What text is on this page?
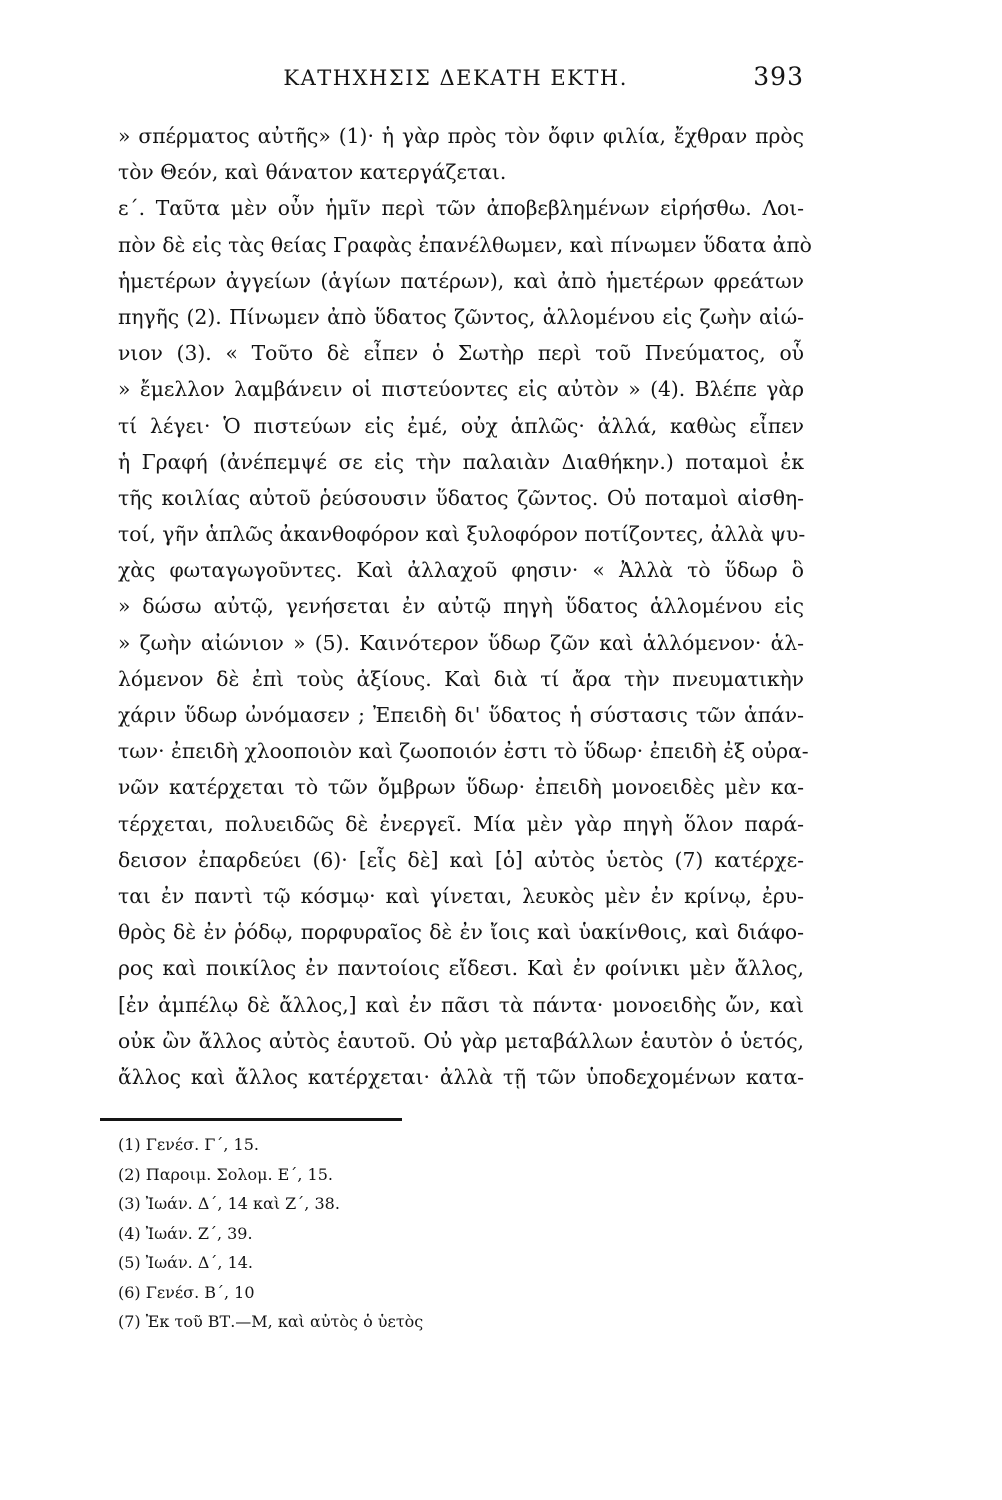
ΚΑΤΗΧΗΣΙΣ ΔΕΚΑΤΗ ΕΚΤΗ.	393
» σπέρματος αὐτῆς» (1)· ἡ γὰρ πρὸς τὸν ὄφιν φιλία, ἔχθραν πρὸς
τὸν Θεόν, καὶ θάνατον κατεργάζεται.
ε΄. Ταῦτα μὲν οὖν ἡμῖν περὶ τῶν ἀποβεβλημένων εἰρήσθω. Λοι-
πὸν δὲ εἰς τὰς θείας Γραφὰς ἐπανέλθωμεν, καὶ πίνωμεν ὕδατα ἀπὸ
ἡμετέρων ἀγγείων (ἁγίων πατέρων), καὶ ἀπὸ ἡμετέρων φρεάτων
πηγῆς (2). Πίνωμεν ἀπὸ ὕδατος ζῶντος, ἁλλομένου εἰς ζωὴν αἰώ-
νιον (3). « Τοῦτο δὲ εἶπεν ὁ Σωτὴρ περὶ τοῦ Πνεύματος, οὗ
» ἔμελλον λαμβάνειν οἱ πιστεύοντες εἰς αὐτὸν » (4). Βλέπε γὰρ
τί λέγει· Ὁ πιστεύων εἰς ἐμέ, οὐχ ἁπλῶς· ἀλλά, καθὼς εἶπεν
ἡ Γραφή (ἀνέπεμψέ σε εἰς τὴν παλαιὰν Διαθήκην.) ποταμοὶ ἐκ
τῆς κοιλίας αὐτοῦ ῥεύσουσιν ὕδατος ζῶντος. Οὐ ποταμοὶ αἰσθη-
τοί, γῆν ἁπλῶς ἀκανθοφόρον καὶ ξυλοφόρον ποτίζοντες, ἀλλὰ ψυ-
χὰς φωταγωγοῦντες. Καὶ ἀλλαχοῦ φησιν· « Ἀλλὰ τὸ ὕδωρ ὃ
» δώσω αὐτῷ, γενήσεται ἐν αὐτῷ πηγὴ ὕδατος ἁλλομένου εἰς
» ζωὴν αἰώνιον » (5). Καινότερον ὕδωρ ζῶν καὶ ἁλλόμενον· ἁλ-
λόμενον δὲ ἐπὶ τοὺς ἀξίους. Καὶ διὰ τί ἄρα τὴν πνευματικὴν
χάριν ὕδωρ ὠνόμασεν ; Ἐπειδὴ δι' ὕδατος ἡ σύστασις τῶν ἁπάν-
των· ἐπειδὴ χλοοποιὸν καὶ ζωοποιόν ἐστι τὸ ὕδωρ· ἐπειδὴ ἐξ οὐρα-
νῶν κατέρχεται τὸ τῶν ὄμβρων ὕδωρ· ἐπειδὴ μονοειδὲς μὲν κα-
τέρχεται, πολυειδῶς δὲ ἐνεργεῖ. Μία μὲν γὰρ πηγὴ ὅλον παρά-
δεισον ἐπαρδεύει (6)· [εἷς δὲ] καὶ [ὁ] αὐτὸς ὑετὸς (7) κατέρχε-
ται ἐν παντὶ τῷ κόσμῳ· καὶ γίνεται, λευκὸς μὲν ἐν κρίνῳ, ἐρυ-
θρὸς δὲ ἐν ῥόδῳ, πορφυραῖος δὲ ἐν ἴοις καὶ ὑακίνθοις, καὶ διάφο-
ρος καὶ ποικίλος ἐν παντοίοις εἴδεσι. Καὶ ἐν φοίνικι μὲν ἄλλος,
[ἐν ἀμπέλῳ δὲ ἄλλος,] καὶ ἐν πᾶσι τὰ πάντα· μονοειδὴς ὤν, καὶ
οὐκ ὢν ἄλλος αὐτὸς ἑαυτοῦ. Οὐ γὰρ μεταβάλλων ἑαυτὸν ὁ ὑετός,
ἄλλος καὶ ἄλλος κατέρχεται· ἀλλὰ τῇ τῶν ὑποδεχομένων κατα-
(1) Γενέσ. Γ΄, 15.
(2) Παροιμ. Σολομ. Ε΄, 15.
(3) Ἰωάν. Δ΄, 14 καὶ Ζ΄, 38.
(4) Ἰωάν. Ζ΄, 39.
(5) Ἰωάν. Δ΄, 14.
(6) Γενέσ. Β΄, 10
(7) Ἐκ τοῦ ΒΤ.—Μ, καὶ αὐτὸς ὁ ὑετὸς
